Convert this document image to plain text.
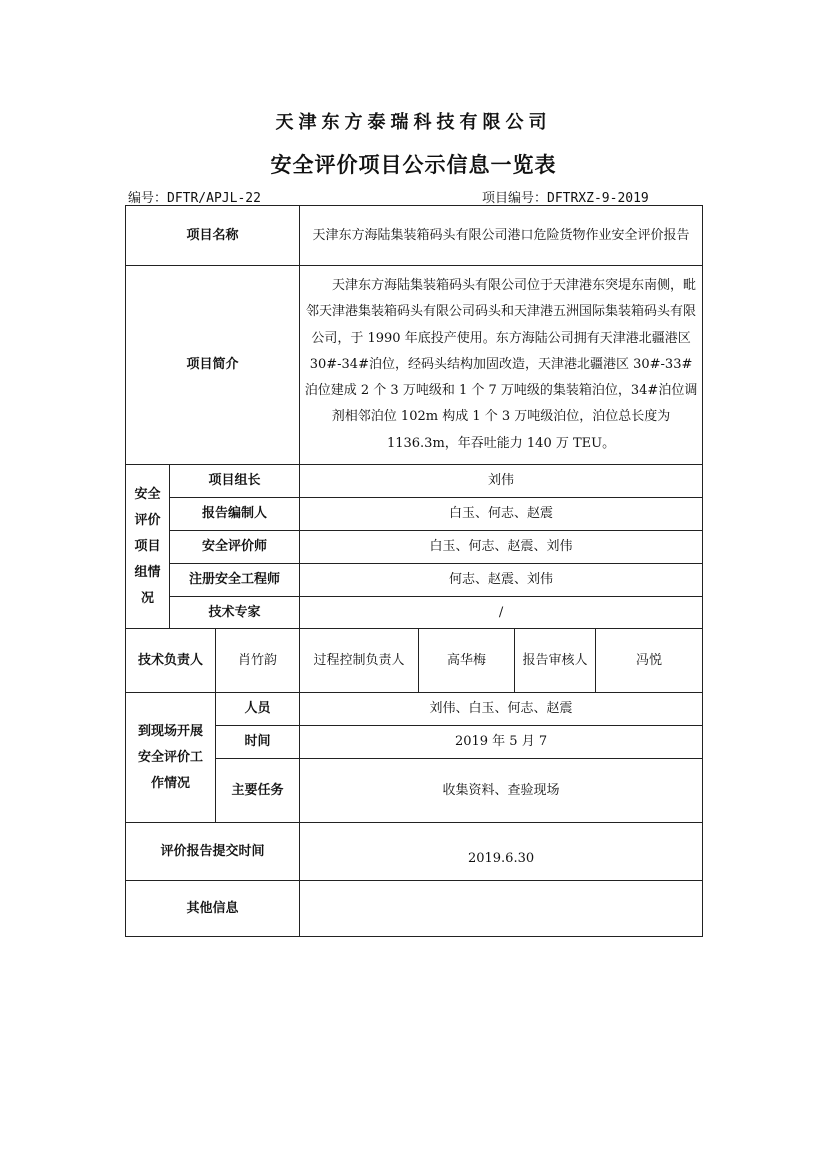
天津东方泰瑞科技有限公司
安全评价项目公示信息一览表
编号：DFTR/APJL-22	项目编号：DFTRXZ-9-2019
项目名称			天津东方海陆集装箱码头有限公司港口危险货物作业安全评价报告			
项目简介			天津东方海陆集装箱码头有限公司位于天津港东突堤东南侧，毗邻天津港集装箱码头有限公司码头和天津港五洲国际集装箱码头有限公司，于 1990 年底投产使用。东方海陆公司拥有天津港北疆港区 30#-34#泊位，经码头结构加固改造，天津港北疆港区 30#-33#泊位建成 2 个 3 万吨级和 1 个 7 万吨级的集装箱泊位，34#泊位调剂相邻泊位 102m 构成 1 个 3 万吨级泊位，泊位总长度为 1136.3m，年吞吐能力 140 万 TEU。			
安全评价项目组情况	项目组长		刘伟			
	报告编制人		白玉、何志、赵震			
	安全评价师		白玉、何志、赵震、刘伟			
	注册安全工程师		何志、赵震、刘伟			
	技术专家		/			
技术负责人		肖竹韵	过程控制负责人	高华梅	报告审核人	冯悦
到现场开展安全评价工作情况		人员	刘伟、白玉、何志、赵震			
		时间	2019 年 5 月 7			
		主要任务	收集资料、查验现场			
评价报告提交时间			2019.6.30			
其他信息						
